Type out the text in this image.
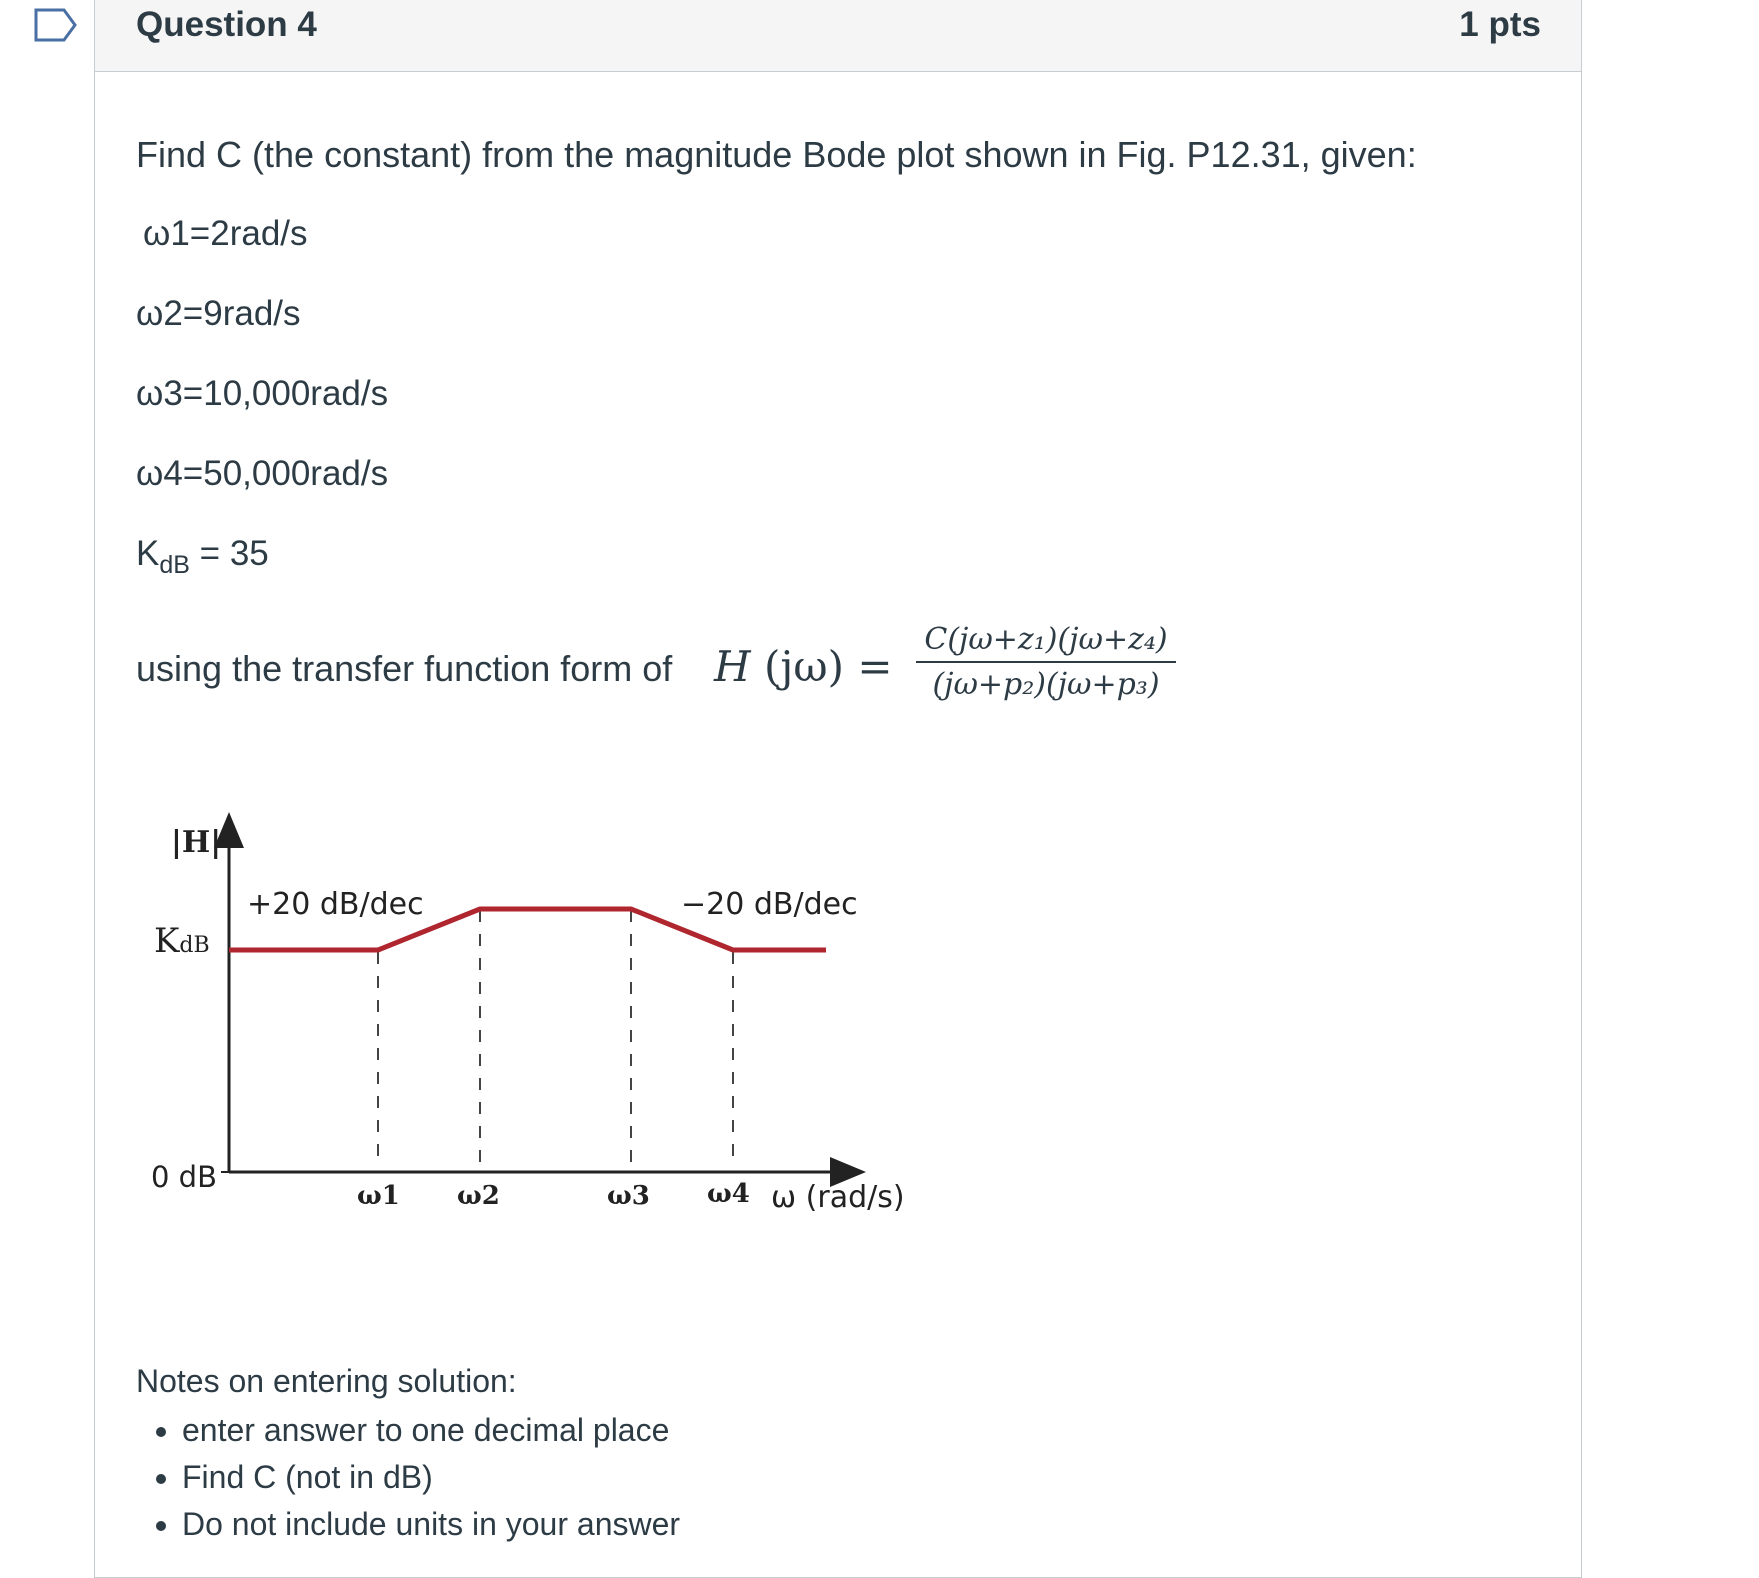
Question 4	1 pts
Find C (the constant) from the magnitude Bode plot shown in Fig. P12.31, given:
ω1=2rad/s
ω2=9rad/s
ω3=10,000rad/s
ω4=50,000rad/s
$K_{dB} = 35$
using the transfer function form of H $(j\omega) = \frac{\text{C(jω+z₁)(jω+z₄)}}{\text{(jω+p₂)(jω+p₃)}}$
|H|
KdB
0 dB
+20 dB/dec	−20 dB/dec
ω1 ω2	ω3 ω4 ω (rad/s)
Notes on entering solution:
• enter answer to one decimal place
• Find C (not in dB)
• Do not include units in your answer
